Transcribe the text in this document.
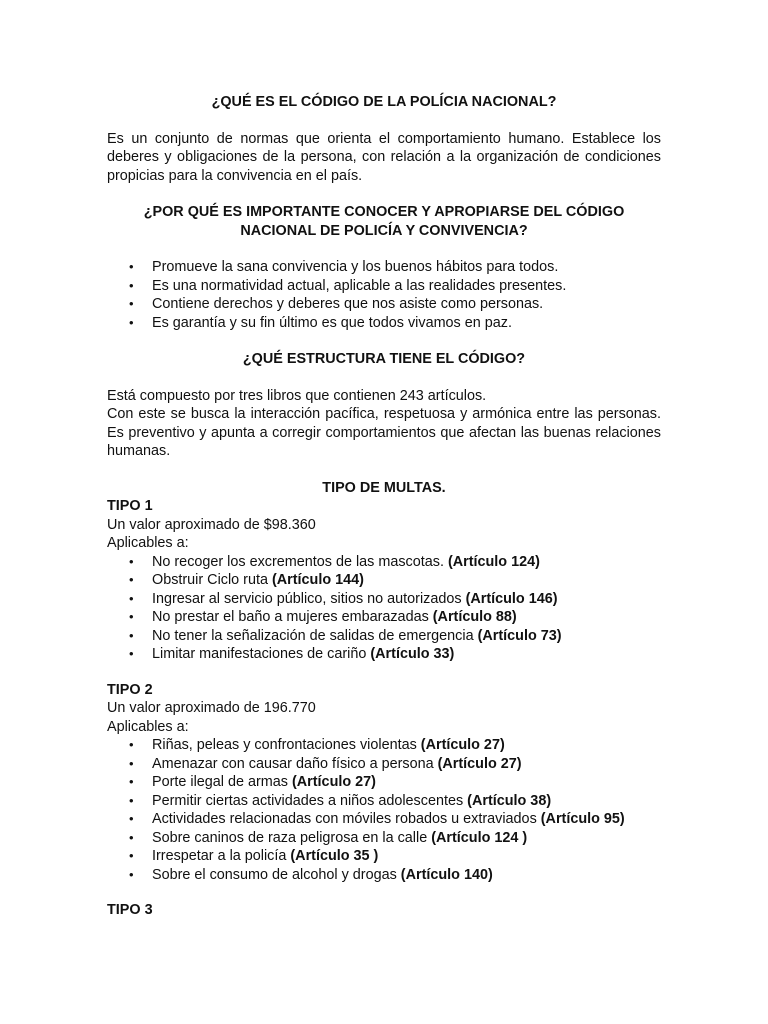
¿QUÉ ES EL CÓDIGO DE LA POLÍCIA NACIONAL?

Es un conjunto de normas que orienta el comportamiento humano. Establece los deberes y obligaciones de la persona, con relación a la organización de condiciones propicias para la convivencia en el país.

¿POR QUÉ ES IMPORTANTE CONOCER Y APROPIARSE DEL CÓDIGO
NACIONAL DE POLICÍA Y CONVIVENCIA?

• Promueve la sana convivencia y los buenos hábitos para todos.
• Es una normatividad actual, aplicable a las realidades presentes.
• Contiene derechos y deberes que nos asiste como personas.
• Es garantía y su fin último es que todos vivamos en paz.

¿QUÉ ESTRUCTURA TIENE EL CÓDIGO?

Está compuesto por tres libros que contienen 243 artículos.

Con este se busca la interacción pacífica, respetuosa y armónica entre las personas. Es preventivo y apunta a corregir comportamientos que afectan las buenas relaciones humanas.

TIPO DE MULTAS.

TIPO 1

Un valor aproximado de $98.360

Aplicables a:

• No recoger los excrementos de las mascotas. (Artículo 124)
• Obstruir Ciclo ruta (Artículo 144)
• Ingresar al servicio público, sitios no autorizados (Artículo 146)
• No prestar el baño a mujeres embarazadas (Artículo 88)
• No tener la señalización de salidas de emergencia (Artículo 73)
• Limitar manifestaciones de cariño (Artículo 33)

TIPO 2

Un valor aproximado de 196.770

Aplicables a:

• Riñas, peleas y confrontaciones violentas (Artículo 27)
• Amenazar con causar daño físico a persona (Artículo 27)
• Porte ilegal de armas (Artículo 27)
• Permitir ciertas actividades a niños adolescentes (Artículo 38)
• Actividades relacionadas con móviles robados u extraviados (Artículo 95)
• Sobre caninos de raza peligrosa en la calle (Artículo 124 )
• Irrespetar a la policía (Artículo 35 )
• Sobre el consumo de alcohol y drogas (Artículo 140)

TIPO 3
